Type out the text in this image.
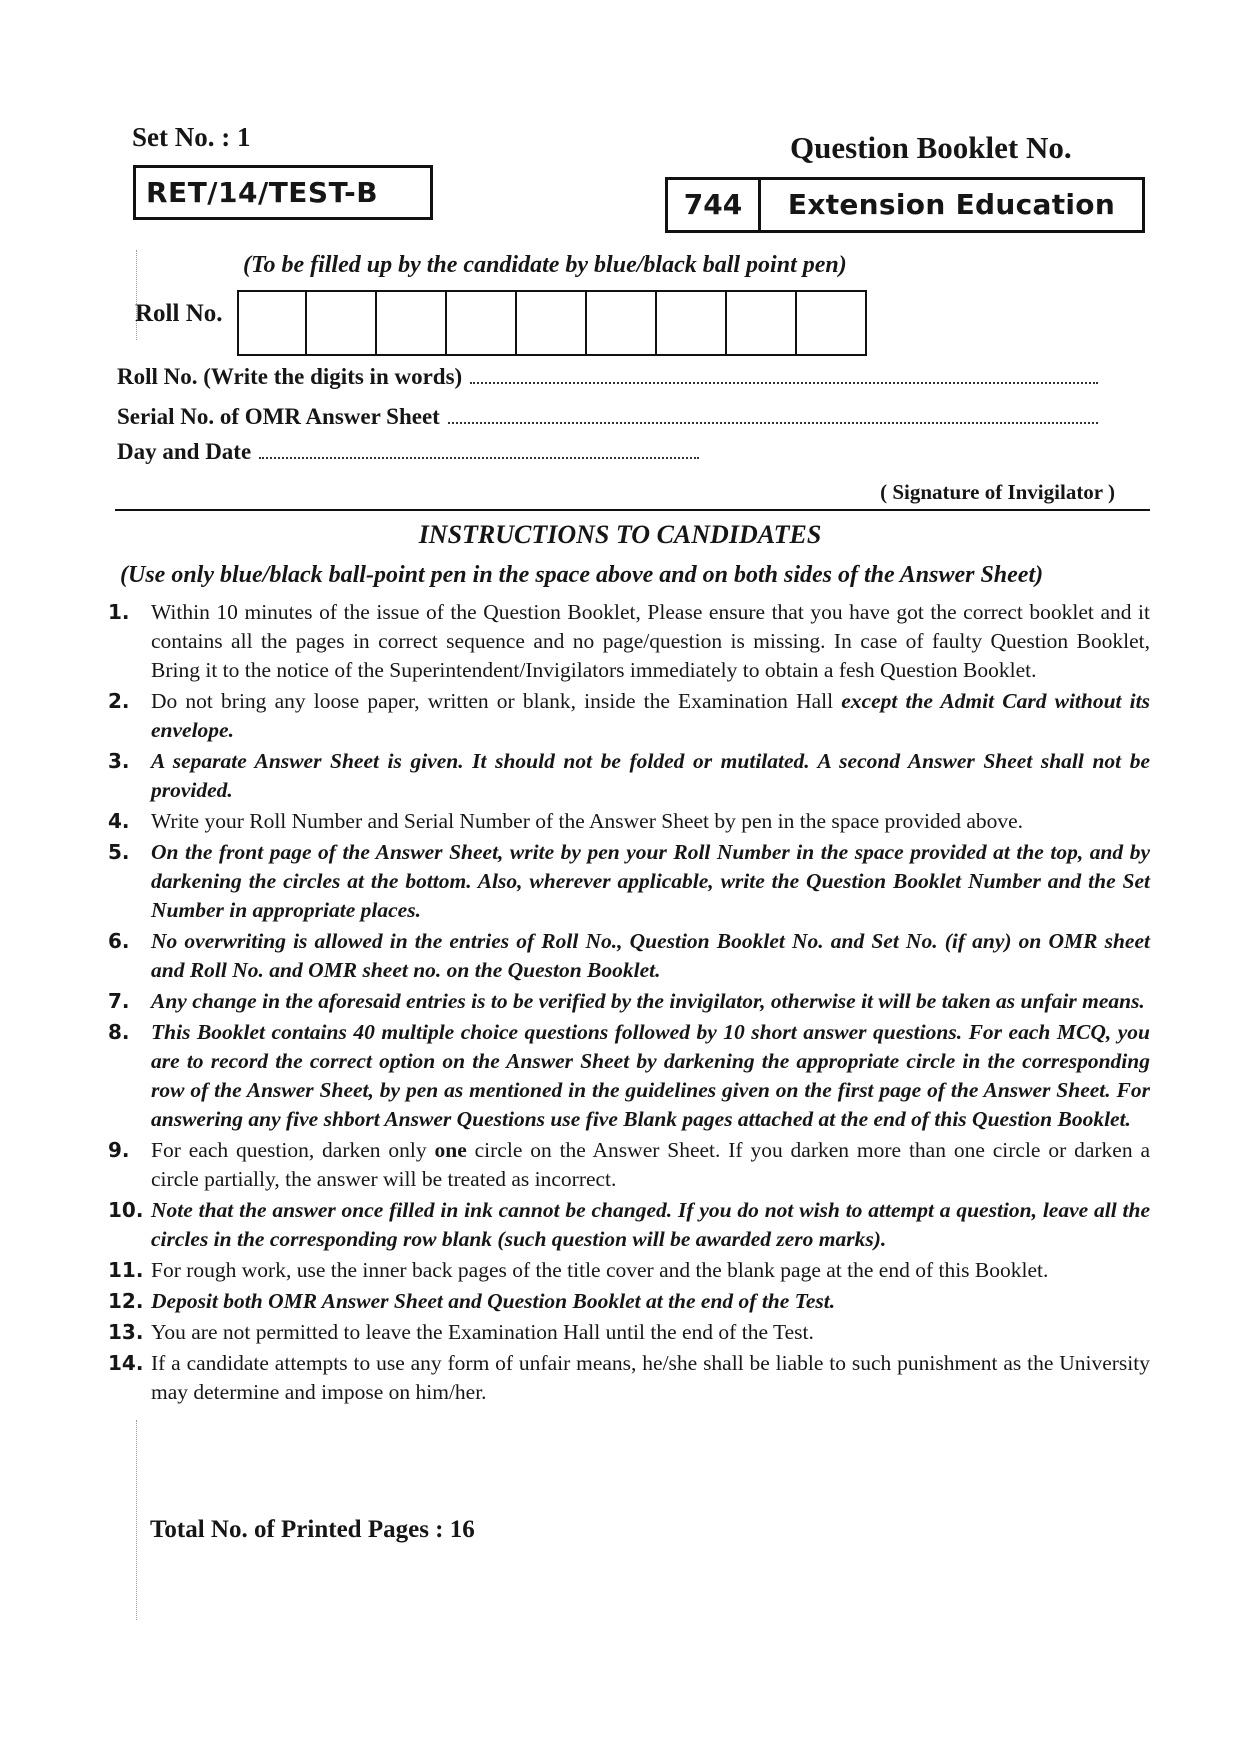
Set No. : 1
RET/14/TEST-B
Question Booklet No.
744	Extension Education
(To be filled up by the candidate by blue/black ball point pen)
Roll No.
Roll No. (Write the digits in words)
Serial No. of OMR Answer Sheet
Day and Date
( Signature of Invigilator )
INSTRUCTIONS TO CANDIDATES
(Use only blue/black ball-point pen in the space above and on both sides of the Answer Sheet)
1. Within 10 minutes of the issue of the Question Booklet, Please ensure that you have got the correct booklet and it contains all the pages in correct sequence and no page/question is missing. In case of faulty Question Booklet, Bring it to the notice of the Superintendent/Invigilators immediately to obtain a fesh Question Booklet.
2. Do not bring any loose paper, written or blank, inside the Examination Hall except the Admit Card without its envelope.
3. A separate Answer Sheet is given. It should not be folded or mutilated. A second Answer Sheet shall not be provided.
4. Write your Roll Number and Serial Number of the Answer Sheet by pen in the space provided above.
5. On the front page of the Answer Sheet, write by pen your Roll Number in the space provided at the top, and by darkening the circles at the bottom. Also, wherever applicable, write the Question Booklet Number and the Set Number in appropriate places.
6. No overwriting is allowed in the entries of Roll No., Question Booklet No. and Set No. (if any) on OMR sheet and Roll No. and OMR sheet no. on the Queston Booklet.
7. Any change in the aforesaid entries is to be verified by the invigilator, otherwise it will be taken as unfair means.
8. This Booklet contains 40 multiple choice questions followed by 10 short answer questions. For each MCQ, you are to record the correct option on the Answer Sheet by darkening the appropriate circle in the corresponding row of the Answer Sheet, by pen as mentioned in the guidelines given on the first page of the Answer Sheet. For answering any five shbort Answer Questions use five Blank pages attached at the end of this Question Booklet.
9. For each question, darken only one circle on the Answer Sheet. If you darken more than one circle or darken a circle partially, the answer will be treated as incorrect.
10. Note that the answer once filled in ink cannot be changed. If you do not wish to attempt a question, leave all the circles in the corresponding row blank (such question will be awarded zero marks).
11. For rough work, use the inner back pages of the title cover and the blank page at the end of this Booklet.
12. Deposit both OMR Answer Sheet and Question Booklet at the end of the Test.
13. You are not permitted to leave the Examination Hall until the end of the Test.
14. If a candidate attempts to use any form of unfair means, he/she shall be liable to such punishment as the University may determine and impose on him/her.
Total No. of Printed Pages : 16
